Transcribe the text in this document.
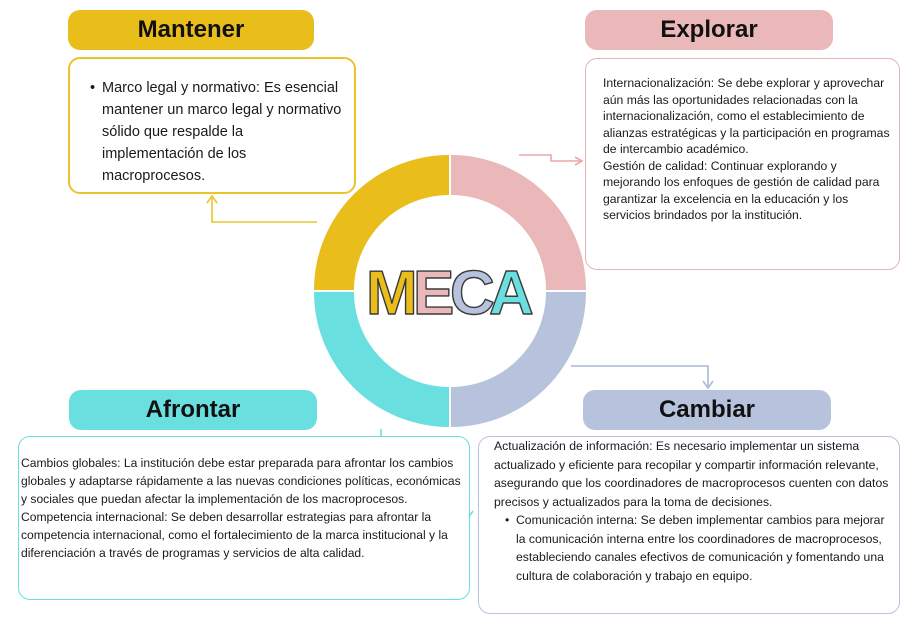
M
E
C
A
Mantener	Explorar
Afrontar	Cambiar
• Marco legal y normativo: Es esencial mantener un marco legal y normativo sólido que respalde la implementación de los macroprocesos.

Internacionalización: Se debe explorar y aprovechar aún más las oportunidades relacionadas con la internacionalización, como el establecimiento de alianzas estratégicas y la participación en programas de intercambio académico.

Gestión de calidad: Continuar explorando y mejorando los enfoques de gestión de calidad para garantizar la excelencia en la educación y los servicios brindados por la institución.

Cambios globales: La institución debe estar preparada para afrontar los cambios globales y adaptarse rápidamente a las nuevas condiciones políticas, económicas y sociales que puedan afectar la implementación de los macroprocesos.

Competencia internacional: Se deben desarrollar estrategias para afrontar la competencia internacional, como el fortalecimiento de la marca institucional y la diferenciación a través de programas y servicios de alta calidad.

Actualización de información: Es necesario implementar un sistema actualizado y eficiente para recopilar y compartir información relevante, asegurando que los coordinadores de macroprocesos cuenten con datos precisos y actualizados para la toma de decisiones.

• Comunicación interna: Se deben implementar cambios para mejorar la comunicación interna entre los coordinadores de macroprocesos, estableciendo canales efectivos de comunicación y fomentando una cultura de colaboración y trabajo en equipo.
